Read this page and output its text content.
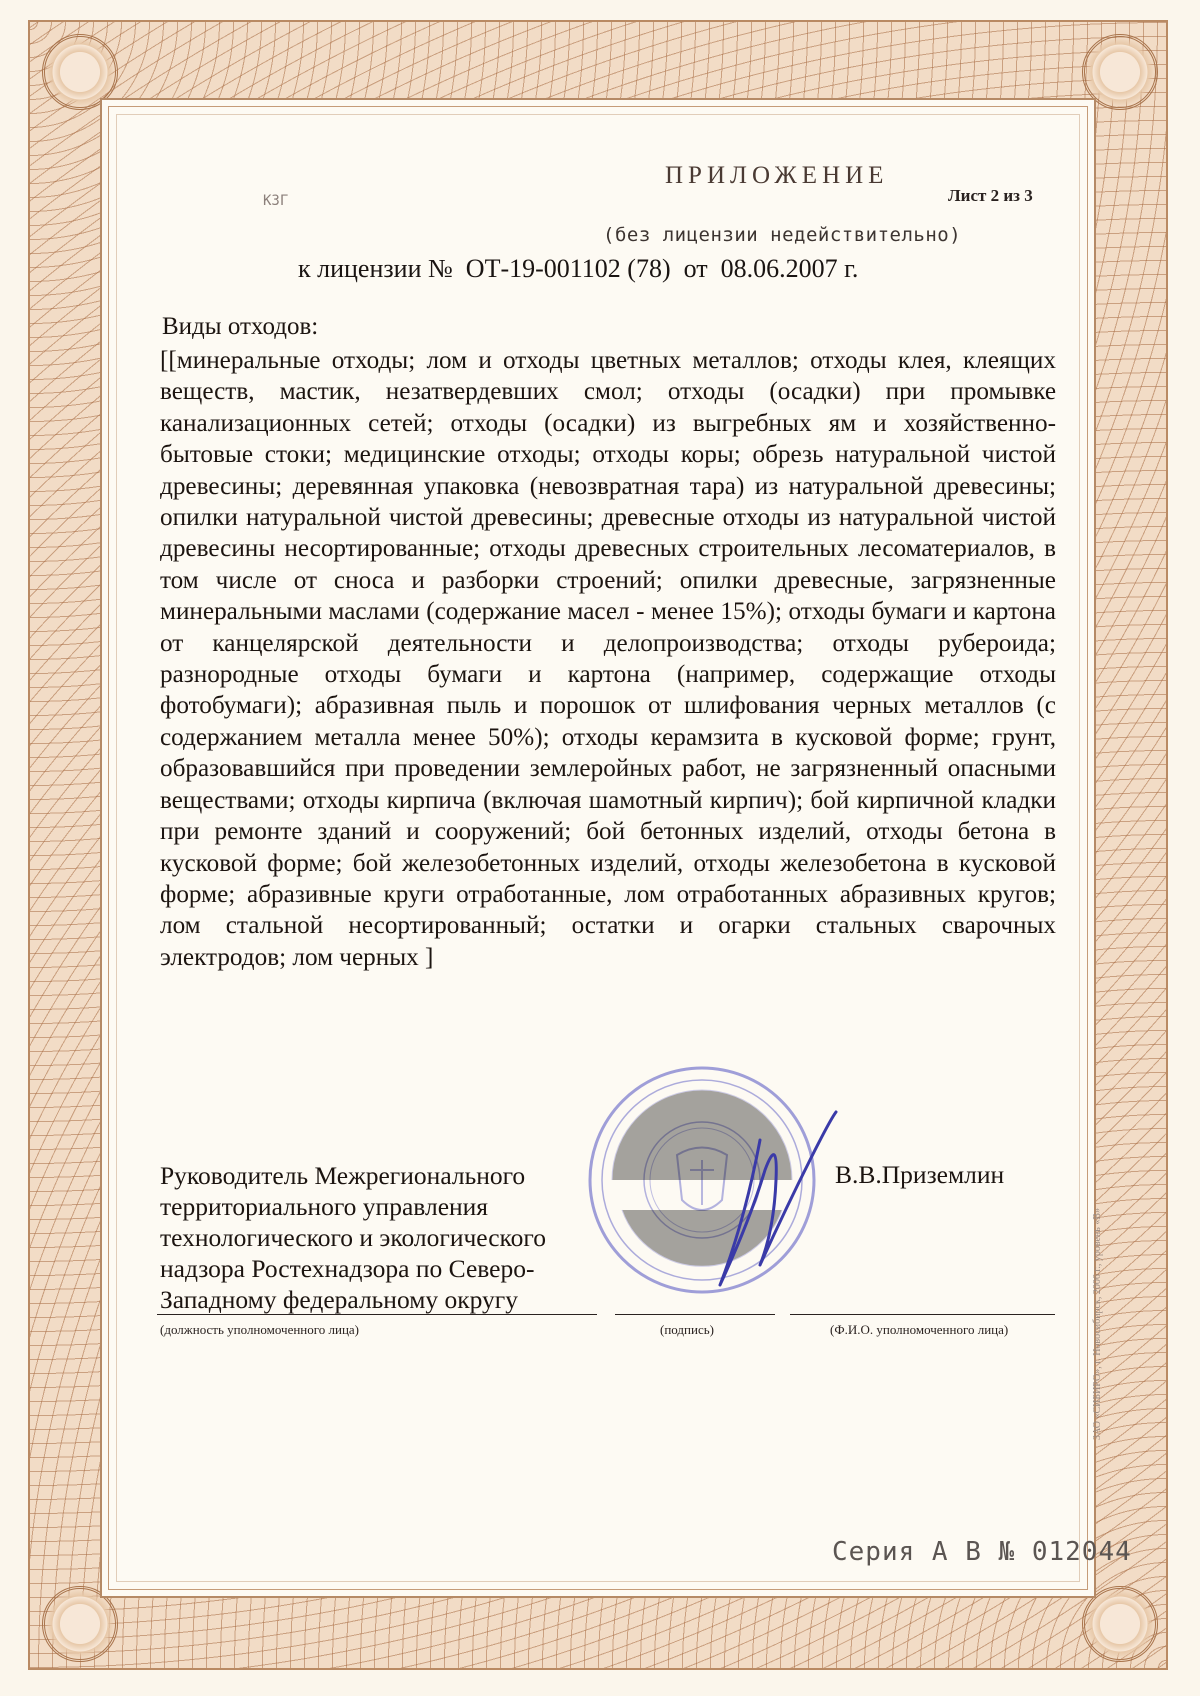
ПРИЛОЖЕНИЕ
Лист 2 из 3
КЗГ
(без лицензии недействительно)
к лицензии №  ОТ-19-001102 (78)  от  08.06.2007 г.
Виды отходов:
[[минеральные отходы; лом и отходы цветных металлов; отходы клея, клеящих веществ, мастик, незатвердевших смол; отходы (осадки) при промывке канализационных сетей; отходы (осадки) из выгребных ям и хозяйственно-бытовые стоки; медицинские отходы; отходы коры; обрезь натуральной чистой древесины; деревянная упаковка (невозвратная тара) из натуральной древесины; опилки натуральной чистой древесины; древесные отходы из натуральной чистой древесины несортированные; отходы древесных строительных лесоматериалов, в том числе от сноса и разборки строений; опилки древесные, загрязненные минеральными маслами (содержание масел - менее 15%); отходы бумаги и картона от канцелярской деятельности и делопроизводства; отходы рубероида; разнородные отходы бумаги и картона (например, содержащие отходы фотобумаги); абразивная пыль и порошок от шлифования черных металлов (с содержанием металла менее 50%); отходы керамзита в кусковой форме; грунт, образовавшийся при проведении землеройных работ, не загрязненный опасными веществами; отходы кирпича (включая шамотный кирпич); бой кирпичной кладки при ремонте зданий и сооружений; бой бетонных изделий, отходы бетона в кусковой форме; бой железобетонных изделий, отходы железобетона в кусковой форме; абразивные круги отработанные, лом отработанных абразивных кругов; лом стальной несортированный; остатки и огарки стальных сварочных электродов; лом черных ]
Руководитель Межрегионального территориального управления технологического и экологического надзора Ростехнадзора по Северо-Западному федеральному округу
В.В.Приземлин
(должность уполномоченного лица)	(подпись)	(Ф.И.О. уполномоченного лица)
Серия А В № 012044
ЗАО «СИБИРО», г. Новосибирск, 2006 г., уровень «В»
